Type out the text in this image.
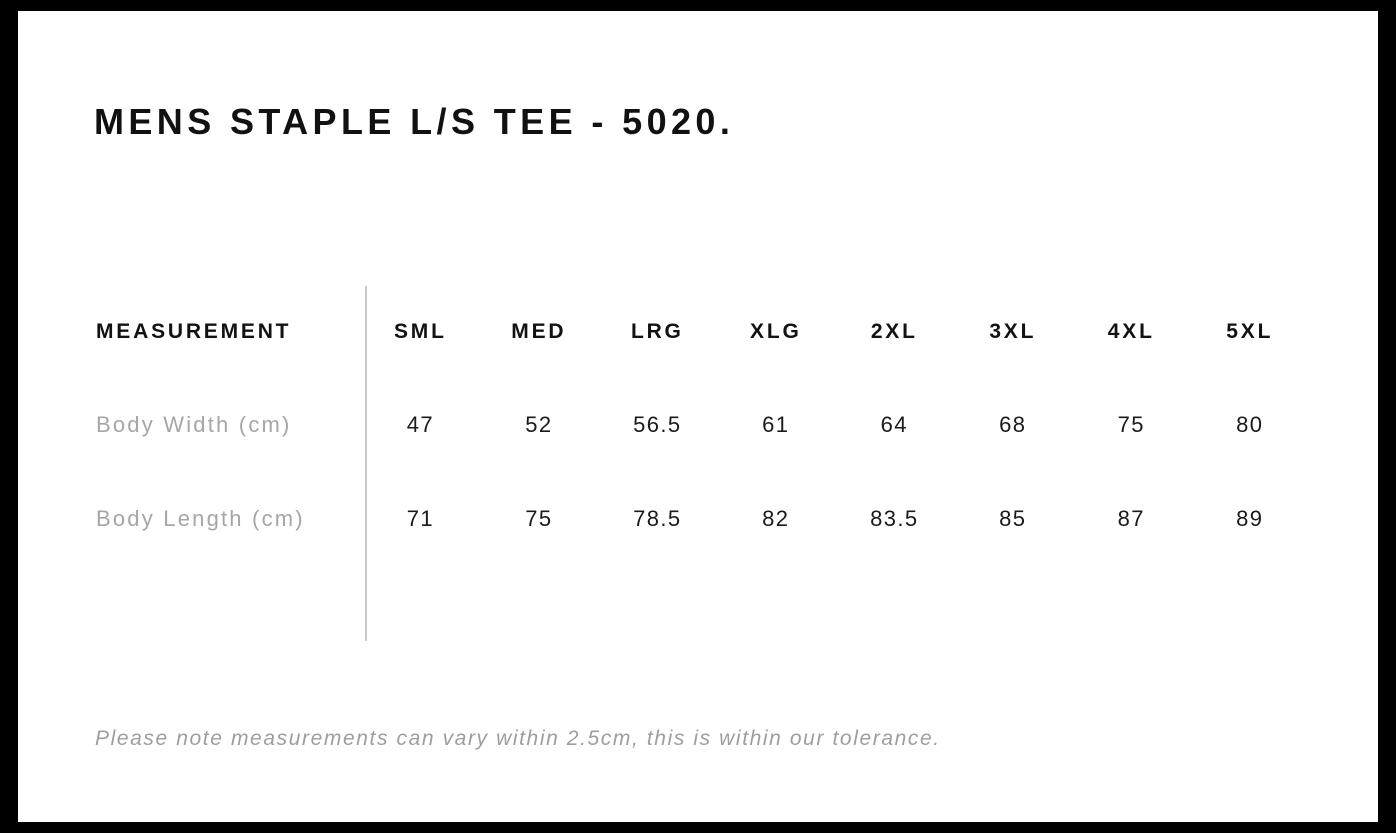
MENS STAPLE L/S TEE - 5020.
MEASUREMENT	SML	MED	LRG	XLG	2XL	3XL	4XL	5XL
Body Width (cm)	47	52	56.5	61	64	68	75	80
Body Length (cm)	71	75	78.5	82	83.5	85	87	89
Please note measurements can vary within 2.5cm, this is within our tolerance.
